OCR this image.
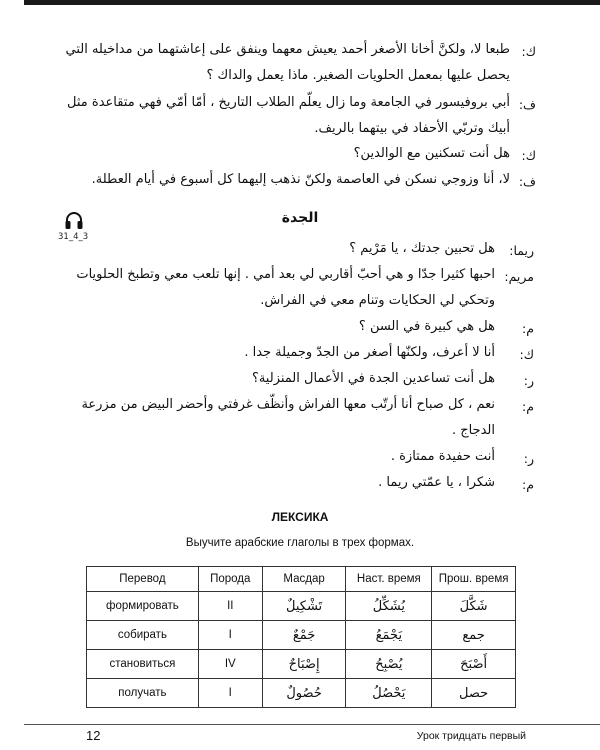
ك:
طبعا لا، ولكنَّ أخانا الأصغر أحمد يعيش معهما وينفق على إعاشتهما من مداخيله التي
يحصل عليها بمعمل الحلويات الصغير. ماذا يعمل والداك ؟
ف:
أبي بروفيسور في الجامعة وما زال يعلّم الطلاب التاريخ ، أمّا أمّي فهي متقاعدة مثل
أبيك وتربّي الأحفاد في بيتهما بالريف.
ك:
هل أنت تسكنين مع الوالدين؟
ف:
لا، أنا وزوجي نسكن في العاصمة ولكنّ نذهب إليهما كل أسبوع في أيام العطلة.
31_4_3
الجدة
ريما:
هل تحبين جدتك ، يا مَرْيم ؟
مريم:
احبها كثيرا جدّا و هي أحبّ أقاربي لي بعد أمي . إنها تلعب معي وتطبخ الحلويات
وتحكي لي الحكايات وتنام معي في الفراش.
م:
هل هي كبيرة في السن ؟
ك:
أنا لا أعرف، ولكنّها أصغر من الجدّ وجميلة جدا .
ر:
هل أنت تساعدين الجدة في الأعمال المنزلية؟
م:
نعم ، كل صباح أنا أرتّب معها الفراش وأنظّف غرفتي وأحضر البيض من مزرعة
الدجاج .
ر:
أنت حفيدة ممتازة .
م:
شكرا ، يا عمّتي ريما .
ЛЕКСИКА
Выучите арабские глаголы в трех формах.
Перевод	Порода	Масдар	Наст. время	Прош. время
формировать	II	تَشْكِيلٌ	يُشَكِّلُ	شَكَّلَ
собирать	I	جَمْعٌ	يَجْمَعُ	جمع
становиться	IV	إِصْبَاحٌ	يُصْبِحُ	أَصْبَحَ
получать	I	حُصُولٌ	يَحْصُلُ	حصل
12	Урок тридцать первый
